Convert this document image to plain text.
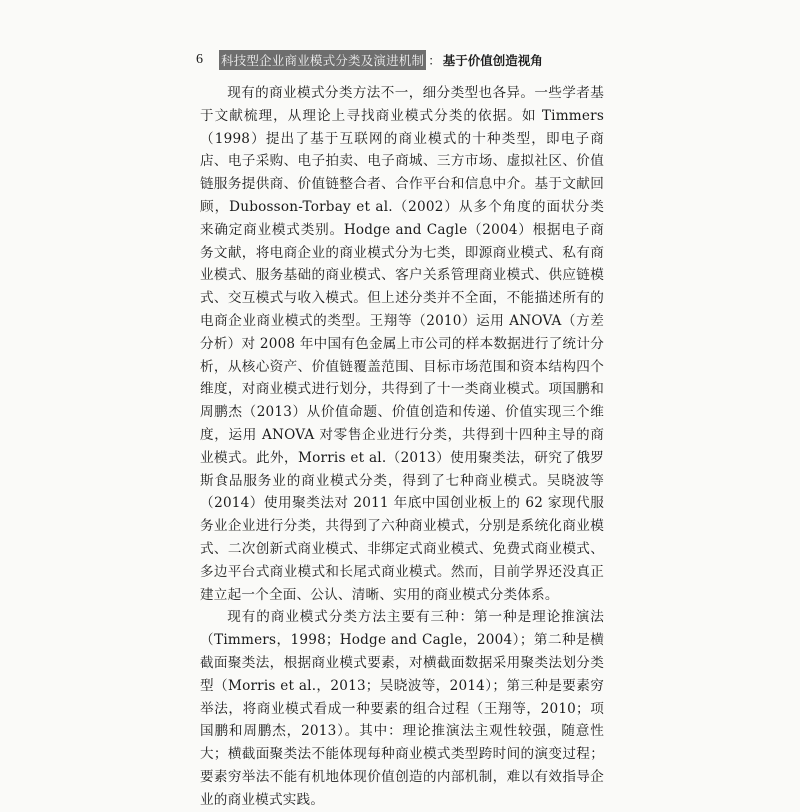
6 科技型企业商业模式分类及演进机制 ： 基于价值创造视角

现有的商业模式分类方法不一，细分类型也各异。一些学者基于文献梳理，从理论上寻找商业模式分类的依据。如 Timmers（1998）提出了基于互联网的商业模式的十种类型，即电子商店、电子采购、电子拍卖、电子商城、三方市场、虚拟社区、价值链服务提供商、价值链整合者、合作平台和信息中介。基于文献回顾，Dubosson-Torbay et al.（2002）从多个角度的面状分类来确定商业模式类别。Hodge and Cagle（2004）根据电子商务文献，将电商企业的商业模式分为七类，即源商业模式、私有商业模式、服务基础的商业模式、客户关系管理商业模式、供应链模式、交互模式与收入模式。但上述分类并不全面，不能描述所有的电商企业商业模式的类型。王翔等（2010）运用 ANOVA（方差分析）对 2008 年中国有色金属上市公司的样本数据进行了统计分析，从核心资产、价值链覆盖范围、目标市场范围和资本结构四个维度，对商业模式进行划分，共得到了十一类商业模式。项国鹏和周鹏杰（2013）从价值命题、价值创造和传递、价值实现三个维度，运用 ANOVA 对零售企业进行分类，共得到十四种主导的商业模式。此外，Morris et al.（2013）使用聚类法，研究了俄罗斯食品服务业的商业模式分类，得到了七种商业模式。吴晓波等（2014）使用聚类法对 2011 年底中国创业板上的 62 家现代服务业企业进行分类，共得到了六种商业模式，分别是系统化商业模式、二次创新式商业模式、非绑定式商业模式、免费式商业模式、多边平台式商业模式和长尾式商业模式。然而，目前学界还没真正建立起一个全面、公认、清晰、实用的商业模式分类体系。

现有的商业模式分类方法主要有三种：第一种是理论推演法（Timmers，1998；Hodge and Cagle，2004）；第二种是横截面聚类法，根据商业模式要素，对横截面数据采用聚类法划分类型（Morris et al.，2013；吴晓波等，2014）；第三种是要素穷举法，将商业模式看成一种要素的组合过程（王翔等，2010；项国鹏和周鹏杰，2013）。其中：理论推演法主观性较强，随意性大；横截面聚类法不能体现每种商业模式类型跨时间的演变过程；要素穷举法不能有机地体现价值创造的内部机制，难以有效指导企业的商业模式实践。
